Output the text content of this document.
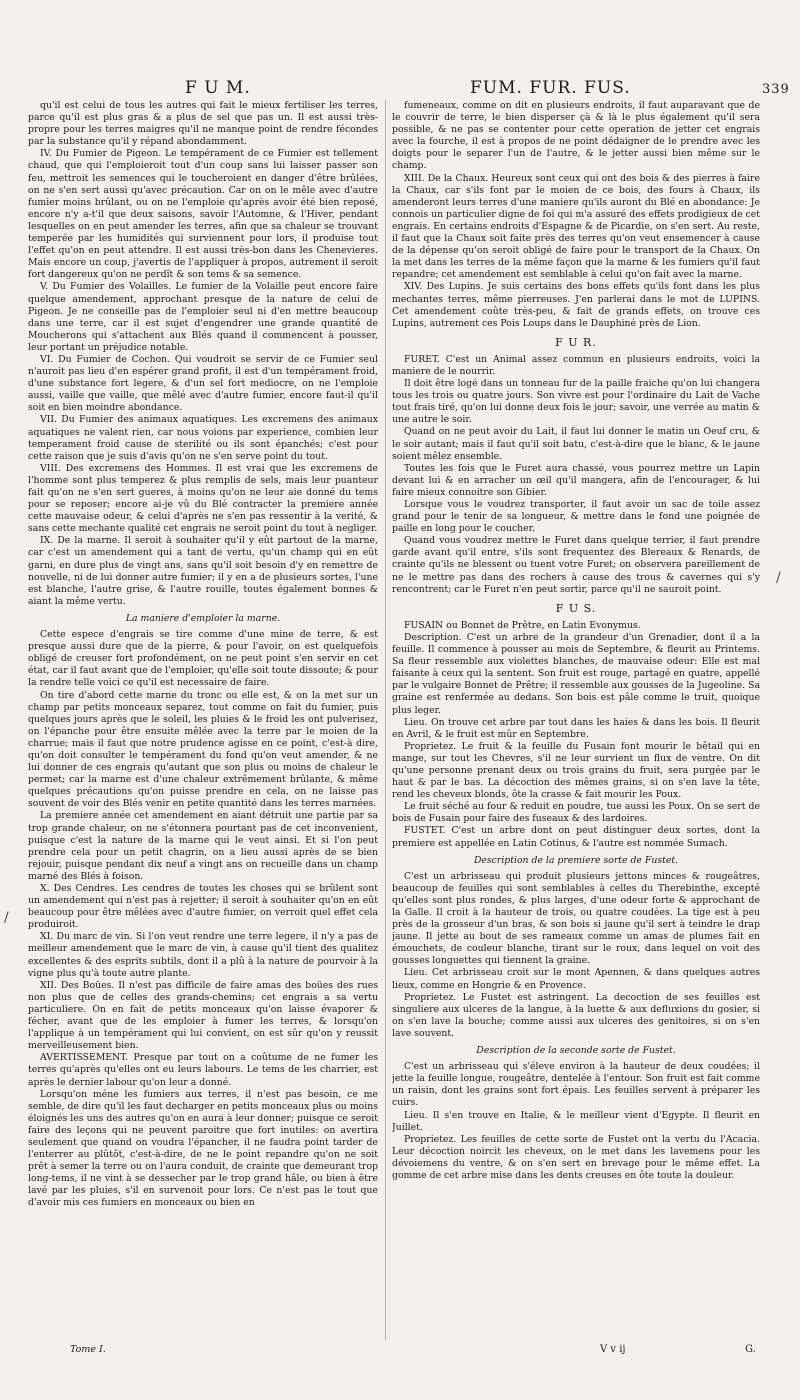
F U M.	FUM. FUR. FUS.	339

qu'il est celui de tous les autres qui fait le mieux fertiliser les terres, parce qu'il est plus gras & a plus de sel que pas un. Il est aussi très-propre pour les terres maigres qu'il ne manque point de rendre fécondes par la substance qu'il y répand abondamment.

IV. Du Fumier de Pigeon. Le tempérament de ce Fumier est tellement chaud, que qui l'emploieroit tout d'un coup sans lui laisser passer son feu, mettroit les semences qui le toucheroient en danger d'être brûlées, on ne s'en sert aussi qu'avec précaution. Car on on le mêle avec d'autre fumier moins brûlant, ou on ne l'emploie qu'après avoir été bien reposé, encore n'y a-t'il que deux saisons, savoir l'Automne, & l'Hiver, pendant lesquelles on en peut amender les terres, afin que sa chaleur se trouvant temperée par les humidités qui surviennent pour lors, il produise tout l'effet qu'on en peut attendre. Il est aussi très-bon dans les Chenevieres. Mais encore un coup, j'avertis de l'appliquer à propos, autrement il seroit fort dangereux qu'on ne perdît & son tems & sa semence.

V. Du Fumier des Volailles. Le fumier de la Volaille peut encore faire quelque amendement, approchant presque de la nature de celui de Pigeon. Je ne conseille pas de l'emploier seul ni d'en mettre beaucoup dans une terre, car il est sujet d'engendrer une grande quantité de Moucherons qui s'attachent aux Blés quand il commencent à pousser, leur portant un préjudice notable.

VI. Du Fumier de Cochon. Qui voudroit se servir de ce Fumier seul n'auroit pas lieu d'en espérer grand profit, il est d'un tempérament froid, d'une substance fort legere, & d'un sel fort mediocre, on ne l'emploie aussi, vaille que vaille, que mêlé avec d'autre fumier, encore faut-il qu'il soit en bien moindre abondance.

VII. Du Fumier des animaux aquatiques. Les excremens des animaux aquatiques ne valent rien, car nous voions par experience, combien leur temperament froid cause de sterilité ou ils sont épanchés; c'est pour cette raison que je suis d'avis qu'on ne s'en serve point du tout.

VIII. Des excremens des Hommes. Il est vrai que les excremens de l'homme sont plus temperez & plus remplis de sels, mais leur puanteur fait qu'on ne s'en sert gueres, à moins qu'on ne leur aie donné du tems pour se reposer; encore ai-je vû du Blé contracter la premiere année cette mauvaise odeur, & celui d'après ne s'en pas ressentir à la verité, & sans cette mechante qualité cet engrais ne seroit point du tout à negliger.

IX. De la marne. Il seroit à souhaiter qu'il y eût partout de la marne, car c'est un amendement qui a tant de vertu, qu'un champ qui en eût garni, en dure plus de vingt ans, sans qu'il soit besoin d'y en remettre de nouvelle, ni de lui donner autre fumier; il y en a de plusieurs sortes, l'une est blanche, l'autre grise, & l'autre rouille, toutes également bonnes & aiant la même vertu.

La maniere d'emploier la marne.

Cette espece d'engrais se tire comme d'une mine de terre, & est presque aussi dure que de la pierre, & pour l'avoir, on est quelquefois obligé de creuser fort profondément, on ne peut point s'en servir en cet état, car il faut avant que de l'emploier, qu'elle soit toute dissoute; & pour la rendre telle voici ce qu'il est necessaire de faire.

On tire d'abord cette marne du tronc ou elle est, & on la met sur un champ par petits monceaux separez, tout comme on fait du fumier, puis quelques jours après que le soleil, les pluies & le froid les ont pulverisez, on l'épanche pour être ensuite mêlée avec la terre par le moien de la charrue; mais il faut que notre prudence agisse en ce point, c'est-à dire, qu'on doit consulter le tempérament du fond qu'on veut amender, & ne lui donner de ces engrais qu'autant que son plus ou moins de chaleur le permet; car la marne est d'une chaleur extrêmement brûlante, & même quelques précautions qu'on puisse prendre en cela, on ne laisse pas souvent de voir des Blés venir en petite quantité dans les terres marnées.

La premiere année cet amendement en aiant détruit une partie par sa trop grande chaleur, on ne s'étonnera pourtant pas de cet inconvenient, puisque c'est la nature de la marne qui le veut ainsi. Et si l'on peut prendre cela pour un petit chagrin, on a lieu aussi après de se bien rejouir, puisque pendant dix neuf a vingt ans on recueille dans un champ marné des Blés à foison.

X. Des Cendres. Les cendres de toutes les choses qui se brûlent sont un amendement qui n'est pas à rejetter; il seroit à souhaiter qu'on en eût beaucoup pour être mêlées avec d'autre fumier, on verroit quel effet cela produiroit.

XI. Du marc de vin. Si l'on veut rendre une terre legere, il n'y a pas de meilleur amendement que le marc de vin, à cause qu'il tient des qualitez excellentes & des esprits subtils, dont il a plû à la nature de pourvoir à la vigne plus qu'à toute autre plante.

XII. Des Boües. Il n'est pas difficile de faire amas des boües des rues non plus que de celles des grands-chemins; cet engrais a sa vertu particuliere. On en fait de petits monceaux qu'on laisse évaporer & fécher, avant que de les emploier à fumer les terres, & lorsqu'on l'applique à un tempérament qui lui convient, on est sûr qu'on y reussit merveilleusement bien.

AVERTISSEMENT. Presque par tout on a coûtume de ne fumer les terres qu'après qu'elles ont eu leurs labours. Le tems de les charrier, est après le dernier labour qu'on leur a donné.

Lorsqu'on méne les fumiers aux terres, il n'est pas besoin, ce me semble, de dire qu'il les faut decharger en petits monceaux plus ou moins éloignés les uns des autres qu'on en aura à leur donner; puisque ce seroit faire des leçons qui ne peuvent paroitre que fort inutiles: on avertira seulement que quand on voudra l'épancher, il ne faudra point tarder de l'enterrer au plûtôt, c'est-à-dire, de ne le point repandre qu'on ne soit prêt à semer la terre ou on l'aura conduit, de crainte que demeurant trop long-tems, il ne vint à se dessecher par le trop grand hâle, ou bien à être lavé par les pluies, s'il en survenoit pour lors. Ce n'est pas le tout que d'avoir mis ces fumiers en monceaux ou bien en

fumeneaux, comme on dit en plusieurs endroits, il faut auparavant que de le couvrir de terre, le bien disperser çà & là le plus également qu'il sera possible, & ne pas se contenter pour cette operation de jetter cet engrais avec la fourche, il est à propos de ne point dédaigner de le prendre avec les doigts pour le separer l'un de l'autre, & le jetter aussi bien même sur le champ.

XIII. De la Chaux. Heureux sont ceux qui ont des bois & des pierres à faire la Chaux, car s'ils font par le moien de ce bois, des fours à Chaux, ils amenderont leurs terres d'une maniere qu'ils auront du Blé en abondance: Je connois un particulier digne de foi qui m'a assuré des effets prodigieux de cet engrais. En certains endroits d'Espagne & de Picardie, on s'en sert. Au reste, il faut que la Chaux soit faite près des terres qu'on veut ensemencer à cause de la dépense qu'on seroit obligé de faire pour le transport de la Chaux. On la met dans les terres de la même façon que la marne & les fumiers qu'il faut repandre; cet amendement est semblable à celui qu'on fait avec la marne.

XIV. Des Lupins. Je suis certains des bons effets qu'ils font dans les plus mechantes terres, même pierreuses. J'en parlerai dans le mot de LUPINS. Cet amendement coûte très-peu, & fait de grands effets, on trouve ces Lupins, autrement ces Pois Loups dans le Dauphiné près de Lion.

F U R.

FURET. C'est un Animal assez commun en plusieurs endroits, voici la maniere de le nourrir.

Il doit être logé dans un tonneau fur de la paille fraiche qu'on lui changera tous les trois ou quatre jours. Son vivre est pour l'ordinaire du Lait de Vache tout frais tiré, qu'on lui donne deux fois le jour; savoir, une verrée au matin & une autre le soir.

Quand on ne peut avoir du Lait, il faut lui donner le matin un Oeuf cru, & le soir autant; mais il faut qu'il soit batu, c'est-à-dire que le blanc, & le jaune soient mêlez ensemble.

Toutes les fois que le Furet aura chassé, vous pourrez mettre un Lapin devant lui & en arracher un œil qu'il mangera, afin de l'encourager, & lui faire mieux connoitre son Gibier.

Lorsque vous le voudrez transporter, il faut avoir un sac de toile assez grand pour le tenir de sa longueur, & mettre dans le fond une poignée de paille en long pour le coucher.

Quand vous voudrez mettre le Furet dans quelque terrier, il faut prendre garde avant qu'il entre, s'ils sont frequentez des Blereaux & Renards, de crainte qu'ils ne blessent ou tuent votre Furet; on observera pareillement de ne le mettre pas dans des rochers à cause des trous & cavernes qui s'y rencontrent; car le Furet n'en peut sortir, parce qu'il ne sauroit point.

F U S.

FUSAIN ou Bonnet de Prêtre, en Latin Evonymus.

Description. C'est un arbre de la grandeur d'un Grenadier, dont il a la feuille. Il commence à pousser au mois de Septembre, & fleurit au Printems. Sa fleur ressemble aux violettes blanches, de mauvaise odeur: Elle est mal faisante à ceux qui la sentent. Son fruit est rouge, partagé en quatre, appellé par le vulgaire Bonnet de Prêtre; il ressemble aux gousses de la Jugeoline. Sa graine est renfermée au dedans. Son bois est pâle comme le truit, quoique plus leger.

Lieu. On trouve cet arbre par tout dans les haies & dans les bois. Il fleurit en Avril, & le fruit est mûr en Septembre.

Proprietez. Le fruit & la feuille du Fusain font mourir le bêtail qui en mange, sur tout les Chevres, s'il ne leur survient un flux de ventre. On dit qu'une personne prenant deux ou trois grains du fruit, sera purgée par le haut & par le bas. La décoction des mêmes grains, si on s'en lave la tête, rend les cheveux blonds, ôte la crasse & fait mourir les Poux.

Le fruit séché au four & reduit en poudre, tue aussi les Poux. On se sert de bois de Fusain pour faire des fuseaux & des lardoires.

FUSTET. C'est un arbre dont on peut distinguer deux sortes, dont la premiere est appellée en Latin Cotinus, & l'autre est nommée Sumach.

Description de la premiere sorte de Fustet.

C'est un arbrisseau qui produit plusieurs jettons minces & rougeâtres, beaucoup de feuilles qui sont semblables à celles du Therebinthe, excepté qu'elles sont plus rondes, & plus larges, d'une odeur forte & approchant de la Galle. Il croit à la hauteur de trois, ou quatre coudées. La tige est à peu près de la grosseur d'un bras, & son bois si jaune qu'il sert à teindre le drap jaune. Il jette au bout de ses rameaux comme un amas de plumes fait en émouchets, de couleur blanche, tirant sur le roux, dans lequel on voit des gousses longuettes qui tiennent la graine.

Lieu. Cet arbrisseau croit sur le mont Apennen, & dans quelques autres lieux, comme en Hongrie & en Provence.

Proprietez. Le Fustet est astringent. La decoction de ses feuilles est singuliere aux ulceres de la langue, à la luette & aux defluxions du gosier, si on s'en lave la bouche; comme aussi aux ulceres des genitoires, si on s'en lave souvent.

Description de la seconde sorte de Fustet.

C'est un arbrisseau qui s'éleve environ à la hauteur de deux coudées; il jette la feuille longue, rougeâtre, dentelée à l'entour. Son fruit est fait comme un raisin, dont les grains sont fort épais. Les feuilles servent à préparer les cuirs.

Lieu. Il s'en trouve en Italie, & le meilleur vient d'Egypte. Il fleurit en Juillet.

Proprietez. Les feuilles de cette sorte de Fustet ont la vertu du l'Acacia. Leur décoction noircit les cheveux, on le met dans les lavemens pour les dévoiemens du ventre, & on s'en sert en brevage pour le même effet. La gomme de cet arbre mise dans les dents creuses en ôte toute la douleur.

/
/
Tome I.	V v ij	G.
